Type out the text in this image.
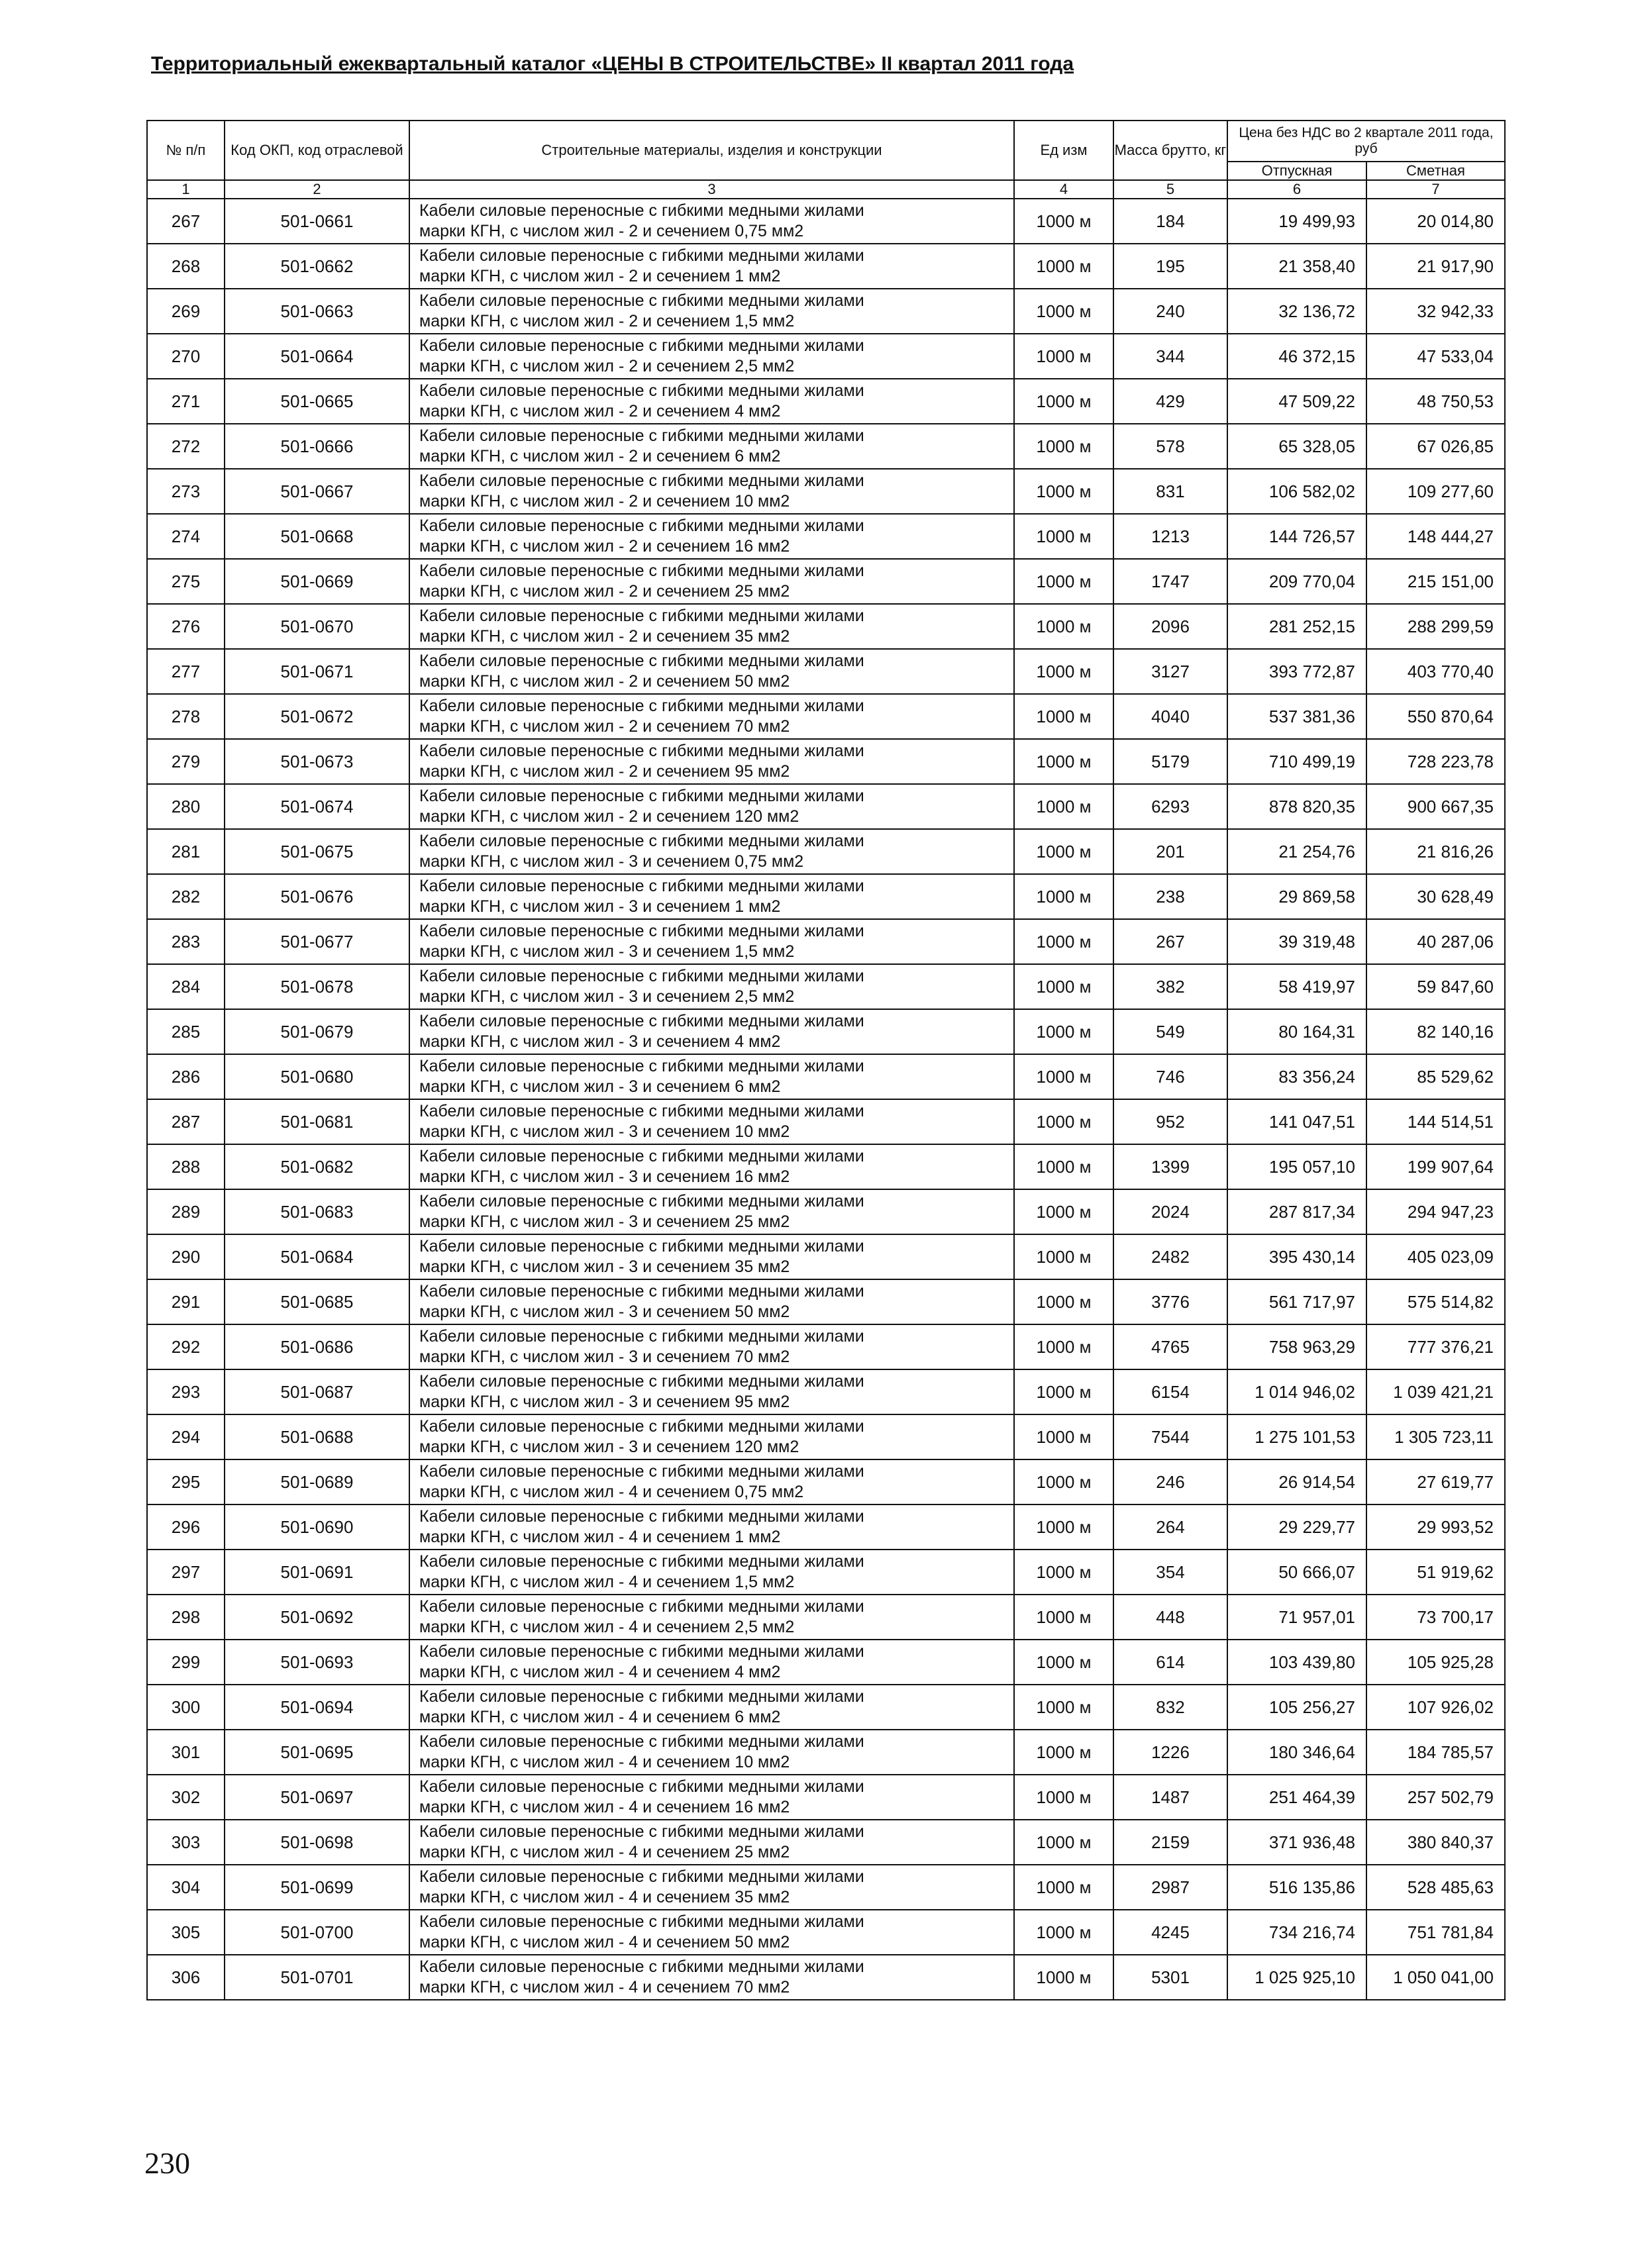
Территориальный ежеквартальный каталог «ЦЕНЫ В СТРОИТЕЛЬСТВЕ» II квартал 2011 года
№ п/п	Код ОКП, код отраслевой	Строительные материалы, изделия и конструкции	Ед изм	Масса брутто, кг	Цена без НДС во 2 квартале 2011 года, руб	

					Отпускная	Сметная
1	2	3	4	5	6	7
267	501-0661	Кабели силовые переносные с гибкими медными жилами
марки КГН, с числом жил - 2 и сечением 0,75 мм2	1000 м	184	19 499,93	20 014,80
268	501-0662	Кабели силовые переносные с гибкими медными жилами
марки КГН, с числом жил - 2 и сечением 1 мм2	1000 м	195	21 358,40	21 917,90
269	501-0663	Кабели силовые переносные с гибкими медными жилами
марки КГН, с числом жил - 2 и сечением 1,5 мм2	1000 м	240	32 136,72	32 942,33
270	501-0664	Кабели силовые переносные с гибкими медными жилами
марки КГН, с числом жил - 2 и сечением 2,5 мм2	1000 м	344	46 372,15	47 533,04
271	501-0665	Кабели силовые переносные с гибкими медными жилами
марки КГН, с числом жил - 2 и сечением 4 мм2	1000 м	429	47 509,22	48 750,53
272	501-0666	Кабели силовые переносные с гибкими медными жилами
марки КГН, с числом жил - 2 и сечением 6 мм2	1000 м	578	65 328,05	67 026,85
273	501-0667	Кабели силовые переносные с гибкими медными жилами
марки КГН, с числом жил - 2 и сечением 10 мм2	1000 м	831	106 582,02	109 277,60
274	501-0668	Кабели силовые переносные с гибкими медными жилами
марки КГН, с числом жил - 2 и сечением 16 мм2	1000 м	1213	144 726,57	148 444,27
275	501-0669	Кабели силовые переносные с гибкими медными жилами
марки КГН, с числом жил - 2 и сечением 25 мм2	1000 м	1747	209 770,04	215 151,00
276	501-0670	Кабели силовые переносные с гибкими медными жилами
марки КГН, с числом жил - 2 и сечением 35 мм2	1000 м	2096	281 252,15	288 299,59
277	501-0671	Кабели силовые переносные с гибкими медными жилами
марки КГН, с числом жил - 2 и сечением 50 мм2	1000 м	3127	393 772,87	403 770,40
278	501-0672	Кабели силовые переносные с гибкими медными жилами
марки КГН, с числом жил - 2 и сечением 70 мм2	1000 м	4040	537 381,36	550 870,64
279	501-0673	Кабели силовые переносные с гибкими медными жилами
марки КГН, с числом жил - 2 и сечением 95 мм2	1000 м	5179	710 499,19	728 223,78
280	501-0674	Кабели силовые переносные с гибкими медными жилами
марки КГН, с числом жил - 2 и сечением 120 мм2	1000 м	6293	878 820,35	900 667,35
281	501-0675	Кабели силовые переносные с гибкими медными жилами
марки КГН, с числом жил - 3 и сечением 0,75 мм2	1000 м	201	21 254,76	21 816,26
282	501-0676	Кабели силовые переносные с гибкими медными жилами
марки КГН, с числом жил - 3 и сечением 1 мм2	1000 м	238	29 869,58	30 628,49
283	501-0677	Кабели силовые переносные с гибкими медными жилами
марки КГН, с числом жил - 3 и сечением 1,5 мм2	1000 м	267	39 319,48	40 287,06
284	501-0678	Кабели силовые переносные с гибкими медными жилами
марки КГН, с числом жил - 3 и сечением 2,5 мм2	1000 м	382	58 419,97	59 847,60
285	501-0679	Кабели силовые переносные с гибкими медными жилами
марки КГН, с числом жил - 3 и сечением 4 мм2	1000 м	549	80 164,31	82 140,16
286	501-0680	Кабели силовые переносные с гибкими медными жилами
марки КГН, с числом жил - 3 и сечением 6 мм2	1000 м	746	83 356,24	85 529,62
287	501-0681	Кабели силовые переносные с гибкими медными жилами
марки КГН, с числом жил - 3 и сечением 10 мм2	1000 м	952	141 047,51	144 514,51
288	501-0682	Кабели силовые переносные с гибкими медными жилами
марки КГН, с числом жил - 3 и сечением 16 мм2	1000 м	1399	195 057,10	199 907,64
289	501-0683	Кабели силовые переносные с гибкими медными жилами
марки КГН, с числом жил - 3 и сечением 25 мм2	1000 м	2024	287 817,34	294 947,23
290	501-0684	Кабели силовые переносные с гибкими медными жилами
марки КГН, с числом жил - 3 и сечением 35 мм2	1000 м	2482	395 430,14	405 023,09
291	501-0685	Кабели силовые переносные с гибкими медными жилами
марки КГН, с числом жил - 3 и сечением 50 мм2	1000 м	3776	561 717,97	575 514,82
292	501-0686	Кабели силовые переносные с гибкими медными жилами
марки КГН, с числом жил - 3 и сечением 70 мм2	1000 м	4765	758 963,29	777 376,21
293	501-0687	Кабели силовые переносные с гибкими медными жилами
марки КГН, с числом жил - 3 и сечением 95 мм2	1000 м	6154	1 014 946,02	1 039 421,21
294	501-0688	Кабели силовые переносные с гибкими медными жилами
марки КГН, с числом жил - 3 и сечением 120 мм2	1000 м	7544	1 275 101,53	1 305 723,11
295	501-0689	Кабели силовые переносные с гибкими медными жилами
марки КГН, с числом жил - 4 и сечением 0,75 мм2	1000 м	246	26 914,54	27 619,77
296	501-0690	Кабели силовые переносные с гибкими медными жилами
марки КГН, с числом жил - 4 и сечением 1 мм2	1000 м	264	29 229,77	29 993,52
297	501-0691	Кабели силовые переносные с гибкими медными жилами
марки КГН, с числом жил - 4 и сечением 1,5 мм2	1000 м	354	50 666,07	51 919,62
298	501-0692	Кабели силовые переносные с гибкими медными жилами
марки КГН, с числом жил - 4 и сечением 2,5 мм2	1000 м	448	71 957,01	73 700,17
299	501-0693	Кабели силовые переносные с гибкими медными жилами
марки КГН, с числом жил - 4 и сечением 4 мм2	1000 м	614	103 439,80	105 925,28
300	501-0694	Кабели силовые переносные с гибкими медными жилами
марки КГН, с числом жил - 4 и сечением 6 мм2	1000 м	832	105 256,27	107 926,02
301	501-0695	Кабели силовые переносные с гибкими медными жилами
марки КГН, с числом жил - 4 и сечением 10 мм2	1000 м	1226	180 346,64	184 785,57
302	501-0697	Кабели силовые переносные с гибкими медными жилами
марки КГН, с числом жил - 4 и сечением 16 мм2	1000 м	1487	251 464,39	257 502,79
303	501-0698	Кабели силовые переносные с гибкими медными жилами
марки КГН, с числом жил - 4 и сечением 25 мм2	1000 м	2159	371 936,48	380 840,37
304	501-0699	Кабели силовые переносные с гибкими медными жилами
марки КГН, с числом жил - 4 и сечением 35 мм2	1000 м	2987	516 135,86	528 485,63
305	501-0700	Кабели силовые переносные с гибкими медными жилами
марки КГН, с числом жил - 4 и сечением 50 мм2	1000 м	4245	734 216,74	751 781,84
306	501-0701	Кабели силовые переносные с гибкими медными жилами
марки КГН, с числом жил - 4 и сечением 70 мм2	1000 м	5301	1 025 925,10	1 050 041,00
230
